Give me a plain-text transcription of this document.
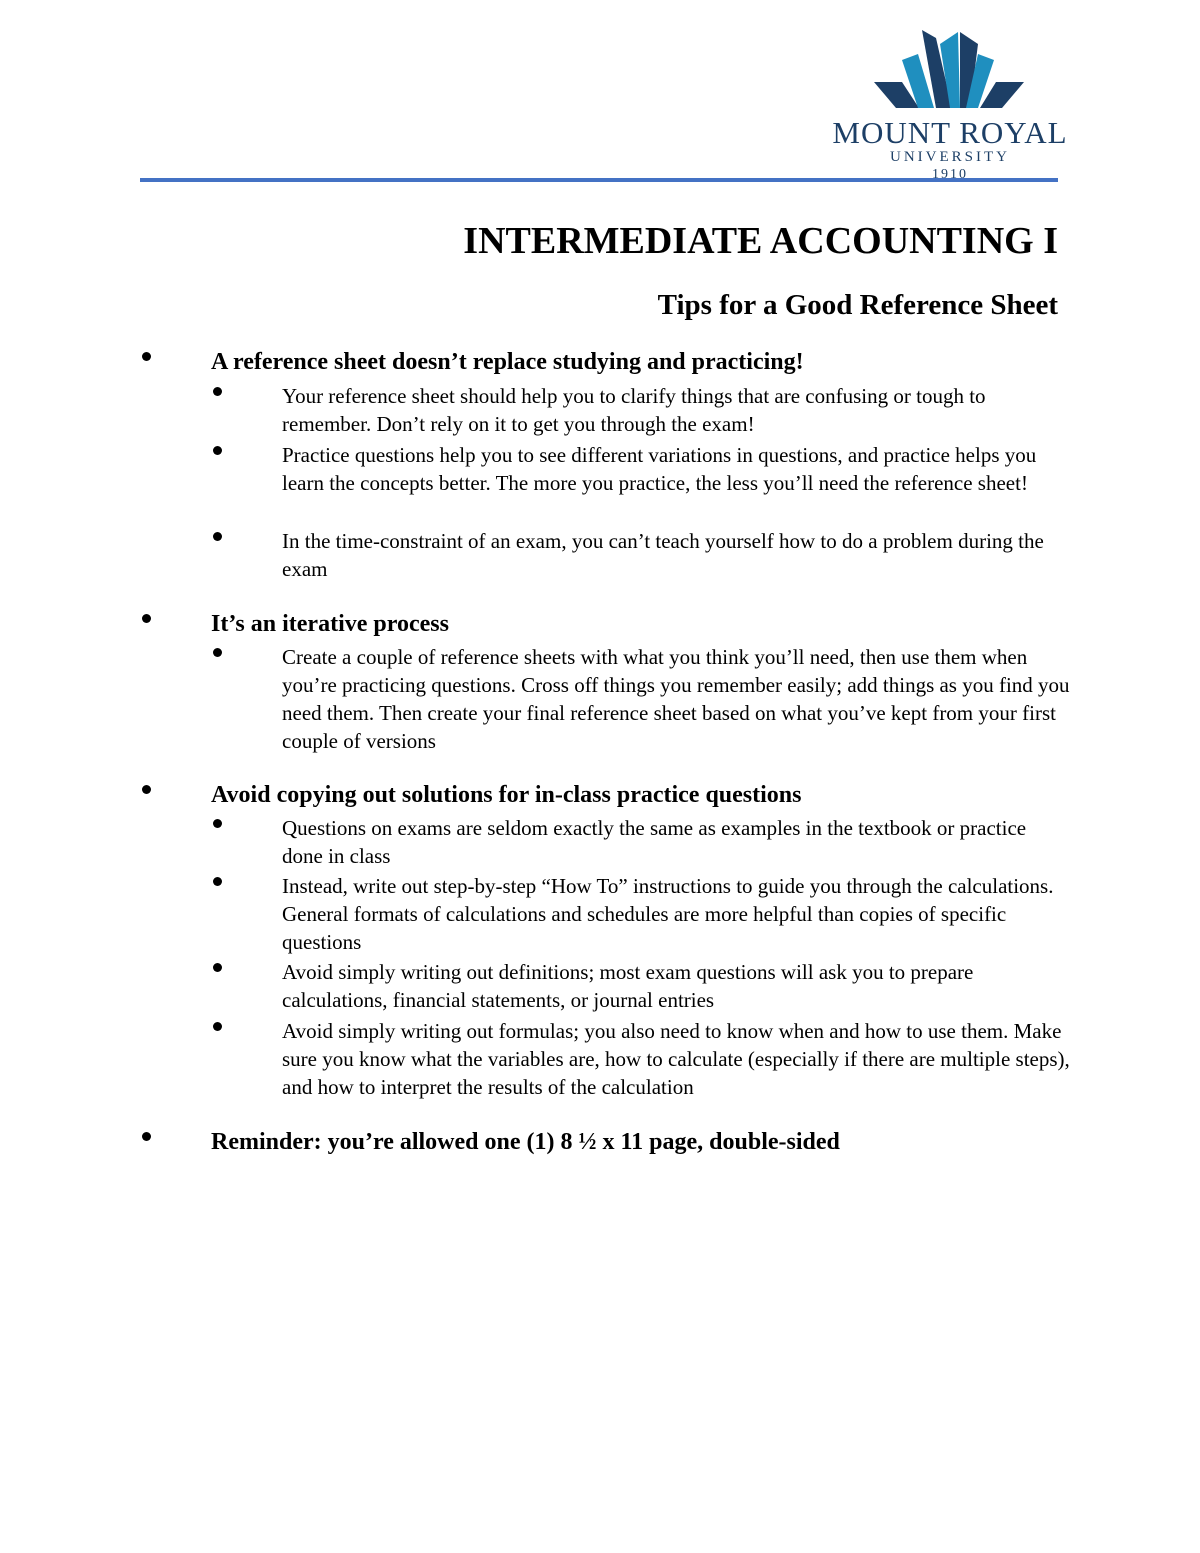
MOUNT ROYAL
UNIVERSITY
1910
INTERMEDIATE ACCOUNTING I
Tips for a Good Reference Sheet
A reference sheet doesn’t replace studying and practicing!
Your reference sheet should help you to clarify things that are confusing or tough to remember. Don’t rely on it to get you through the exam!
Practice questions help you to see different variations in questions, and practice helps you learn the concepts better. The more you practice, the less you’ll need the reference sheet!
In the time-constraint of an exam, you can’t teach yourself how to do a problem during the exam
It’s an iterative process
Create a couple of reference sheets with what you think you’ll need, then use them when you’re practicing questions. Cross off things you remember easily; add things as you find you need them. Then create your final reference sheet based on what you’ve kept from your first couple of versions
Avoid copying out solutions for in-class practice questions
Questions on exams are seldom exactly the same as examples in the textbook or practice done in class
Instead, write out step-by-step “How To” instructions to guide you through the calculations. General formats of calculations and schedules are more helpful than copies of specific questions
Avoid simply writing out definitions; most exam questions will ask you to prepare calculations, financial statements, or journal entries
Avoid simply writing out formulas; you also need to know when and how to use them. Make sure you know what the variables are, how to calculate (especially if there are multiple steps), and how to interpret the results of the calculation
Reminder: you’re allowed one (1) 8 ½ x 11 page, double-sided
